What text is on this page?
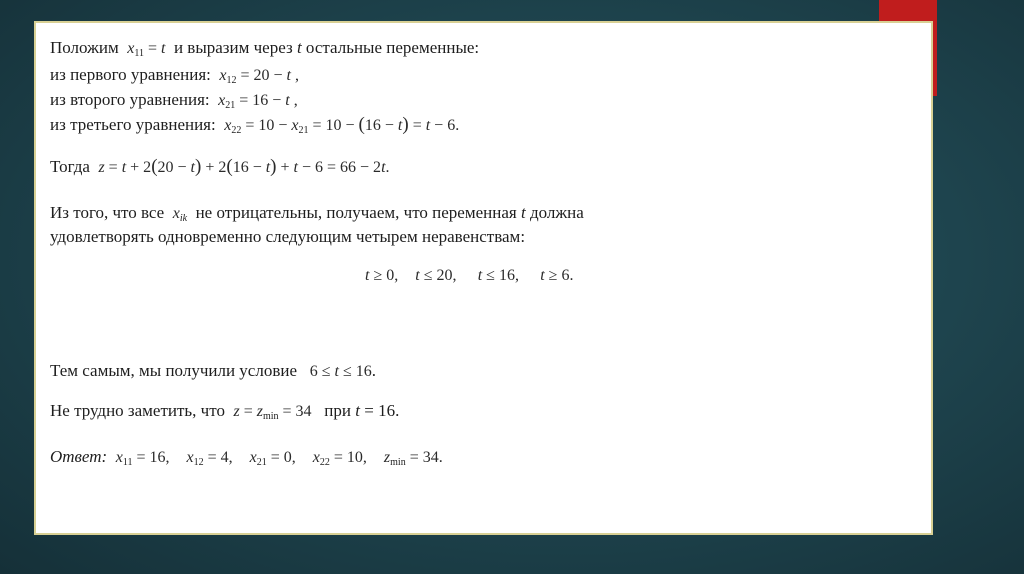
Положим $x_{11} = t$ и выразим через t остальные переменные:
из первого уравнения: $x_{12} = 20 - t$ ,
из второго уравнения: $x_{21} = 16 - t$ ,
из третьего уравнения: $x_{22} = 10 - x_{21} = 10 - (16 - t) = t - 6$.
Тогда z = t + 2(20 − t) + 2(16 − t) + t − 6 = 66 − 2t.
Из того, что все $x_{ik}$ не отрицательны, получаем, что переменная t должна
удовлетворять одновременно следующим четырем неравенствам:
t ≥ 0, t ≤ 20, t ≤ 16, t ≥ 6.
Тем самым, мы получили условие 6 ≤ t ≤ 16.
Не трудно заметить, что $z = z_{min} = 34$ при t = 16.
Ответ: $x_{11} = 16$, $x_{12} = 4$, $x_{21} = 0$, $x_{22} = 10$, $z_{min} = 34$.
